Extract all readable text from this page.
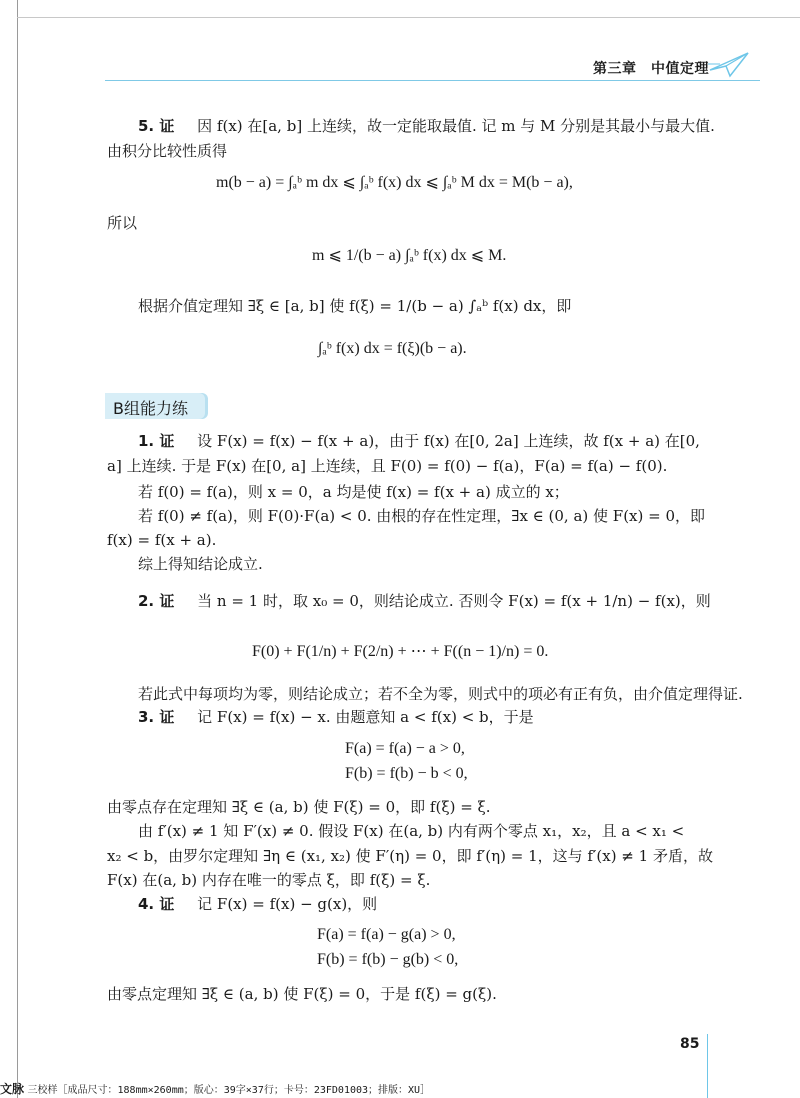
第三章　中值定理
5. 证 因 f(x) 在[a, b] 上连续，故一定能取最值. 记 m 与 M 分别是其最小与最大值.
由积分比较性质得
m(b − a) = ∫ₐᵇ m dx ⩽ ∫ₐᵇ f(x) dx ⩽ ∫ₐᵇ M dx = M(b − a),
所以
m ⩽ 1/(b − a) ∫ₐᵇ f(x) dx ⩽ M.
根据介值定理知 ∃ξ ∈ [a, b] 使 f(ξ) = 1/(b − a) ∫ₐᵇ f(x) dx，即
∫ₐᵇ f(x) dx = f(ξ)(b − a).
B组能力练
1. 证 设 F(x) = f(x) − f(x + a)，由于 f(x) 在[0, 2a] 上连续，故 f(x + a) 在[0,
a] 上连续. 于是 F(x) 在[0, a] 上连续，且 F(0) = f(0) − f(a)，F(a) = f(a) − f(0).
若 f(0) = f(a)，则 x = 0，a 均是使 f(x) = f(x + a) 成立的 x；
若 f(0) ≠ f(a)，则 F(0)·F(a) < 0. 由根的存在性定理，∃x ∈ (0, a) 使 F(x) = 0，即
f(x) = f(x + a).
综上得知结论成立.
2. 证 当 n = 1 时，取 x₀ = 0，则结论成立. 否则令 F(x) = f(x + 1/n) − f(x)，则
F(0) + F(1/n) + F(2/n) + ⋯ + F((n − 1)/n) = 0.
若此式中每项均为零，则结论成立；若不全为零，则式中的项必有正有负，由介值定理得证.
3. 证 记 F(x) = f(x) − x. 由题意知 a < f(x) < b，于是
F(a) = f(a) − a > 0,
F(b) = f(b) − b < 0,
由零点存在定理知 ∃ξ ∈ (a, b) 使 F(ξ) = 0，即 f(ξ) = ξ.
由 f′(x) ≠ 1 知 F′(x) ≠ 0. 假设 F(x) 在(a, b) 内有两个零点 x₁，x₂，且 a < x₁ <
x₂ < b，由罗尔定理知 ∃η ∈ (x₁, x₂) 使 F′(η) = 0，即 f′(η) = 1，这与 f′(x) ≠ 1 矛盾，故
F(x) 在(a, b) 内存在唯一的零点 ξ，即 f(ξ) = ξ.
4. 证 记 F(x) = f(x) − g(x)，则
F(a) = f(a) − g(a) > 0,
F(b) = f(b) − g(b) < 0,
由零点定理知 ∃ξ ∈ (a, b) 使 F(ξ) = 0，于是 f(ξ) = g(ξ).
85
文脉 三校样［成品尺寸：188mm×260mm；版心：39字×37行；卡号：23FD01003；排版：XU］
